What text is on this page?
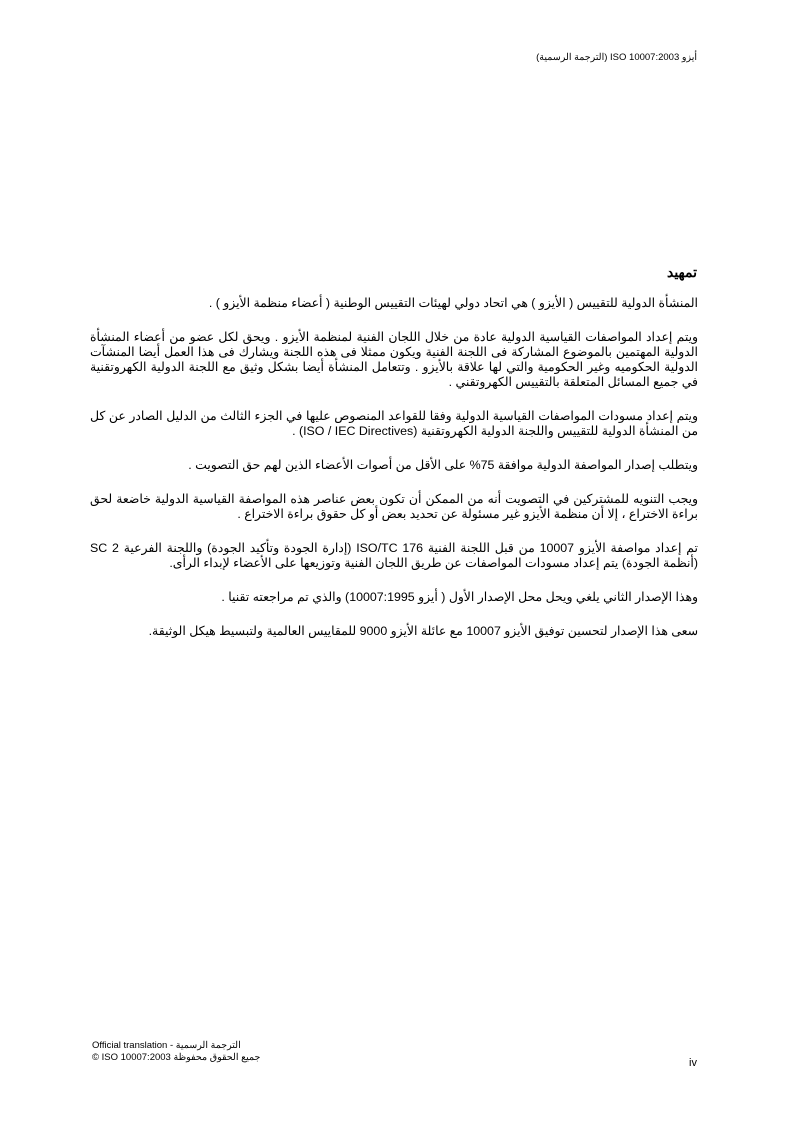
أيزو ISO 10007:2003 (الترجمة الرسمية)
تمهيد

المنشأة الدولية للتقييس ( الأيزو ) هي اتحاد دولي لهيئات التقييس الوطنية ( أعضاء منظمة الأيزو ) .

ويتم إعداد المواصفات القياسية الدولية عادة من خلال اللجان الفنية لمنظمة الأيزو . ويحق لكل عضو من أعضاء المنشأة الدولية المهتمين بالموضوع المشاركة فى اللجنة الفنية ويكون ممثلا فى هذه اللجنة ويشارك فى هذا العمل أيضا المنشآت الدولية الحكوميه وغير الحكومية والتي لها علاقة بالأيزو . وتتعامل المنشأة أيضا بشكل وثيق مع اللجنة الدولية الكهروتقنية في جميع المسائل المتعلقة بالتقييس الكهروتقني .

ويتم إعداد مسودات المواصفات القياسية الدولية وفقا للقواعد المنصوص عليها في الجزء الثالث من الدليل الصادر عن كل من المنشأة الدولية للتقييس واللجنة الدولية الكهروتقنية (ISO / IEC Directives) .

ويتطلب إصدار المواصفة الدولية موافقة 75% على الأقل من أصوات الأعضاء الذين لهم حق التصويت .

ويجب التنويه للمشتركين في التصويت أنه من الممكن أن تكون بعض عناصر هذه المواصفة القياسية الدولية خاضعة لحق براءة الاختراع ، إلا أن منظمة الأيزو غير مسئولة عن تحديد بعض أو كل حقوق براءة الاختراع .

تم إعداد مواصفة الأيزو 10007 من قبل اللجنة الفنية ISO/TC 176 (إدارة الجودة وتأكيد الجودة) واللجنة الفرعية SC 2 (أنظمة الجودة) يتم إعداد مسودات المواصفات عن طريق اللجان الفنية وتوزيعها على الأعضاء لإبداء الرأى.

وهذا الإصدار الثاني يلغي ويحل محل الإصدار الأول ( أيزو 10007:1995) والذي تم مراجعته تقنيا .

سعى هذا الإصدار لتحسين توفيق الأيزو 10007 مع عائلة الأيزو 9000 للمقاييس العالمية ولتبسيط هيكل الوثيقة.

Official translation - الترجمة الرسمية
© ISO 10007:2003 جميع الحقوق محفوظة	iv
